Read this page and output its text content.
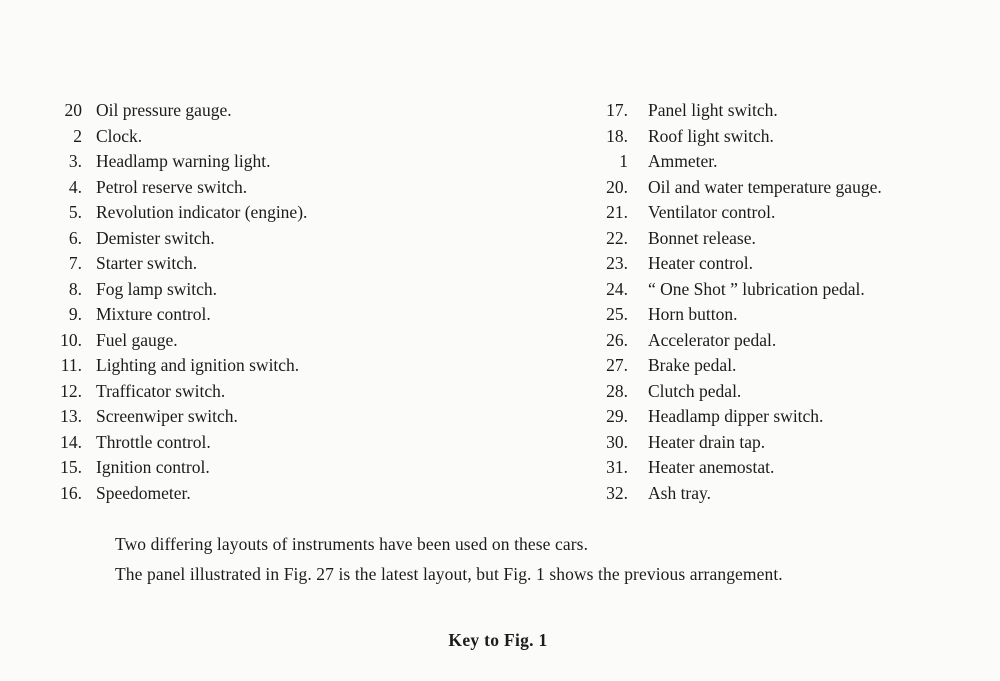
20 Oil pressure gauge.
2 Clock.
3. Headlamp warning light.
4. Petrol reserve switch.
5. Revolution indicator (engine).
6. Demister switch.
7. Starter switch.
8. Fog lamp switch.
9. Mixture control.
10. Fuel gauge.
11. Lighting and ignition switch.
12. Trafficator switch.
13. Screenwiper switch.
14. Throttle control.
15. Ignition control.
16. Speedometer.
17. Panel light switch.
18. Roof light switch.
1 Ammeter.
20. Oil and water temperature gauge.
21. Ventilator control.
22. Bonnet release.
23. Heater control.
24. “ One Shot ” lubrication pedal.
25. Horn button.
26. Accelerator pedal.
27. Brake pedal.
28. Clutch pedal.
29. Headlamp dipper switch.
30. Heater drain tap.
31. Heater anemostat.
32. Ash tray.
Two differing layouts of instruments have been used on these cars.
The panel illustrated in Fig. 27 is the latest layout, but Fig. 1 shows the previous arrangement.
Key to Fig. 1
